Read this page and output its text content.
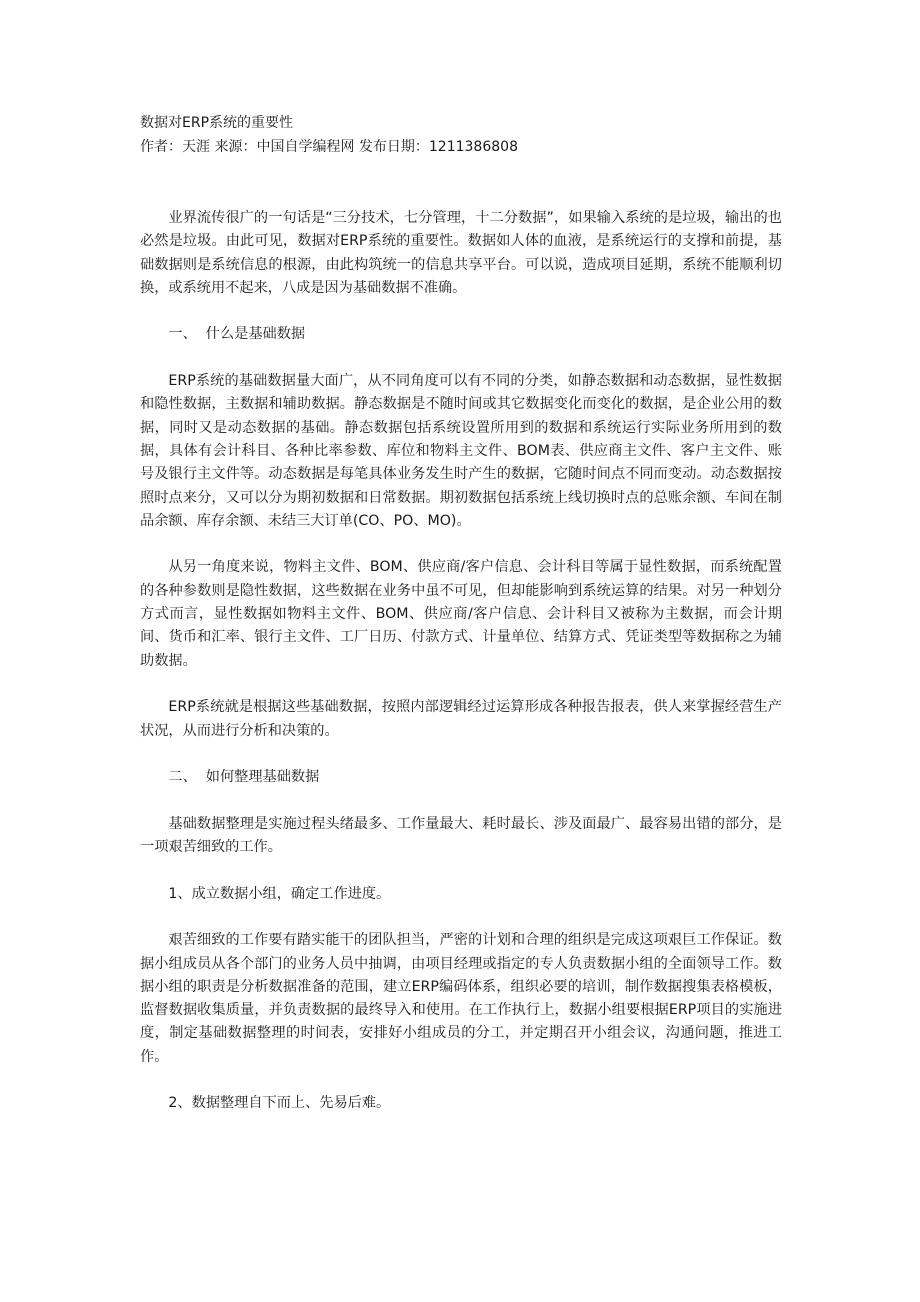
数据对ERP系统的重要性
作者：天涯 来源：中国自学编程网 发布日期：1211386808

业界流传很广的一句话是“三分技术，七分管理，十二分数据”，如果输入系统的是垃圾，输出的也必然是垃圾。由此可见，数据对ERP系统的重要性。数据如人体的血液，是系统运行的支撑和前提，基础数据则是系统信息的根源，由此构筑统一的信息共享平台。可以说，造成项目延期，系统不能顺利切换，或系统用不起来，八成是因为基础数据不准确。

一、  什么是基础数据

ERP系统的基础数据量大面广，从不同角度可以有不同的分类，如静态数据和动态数据，显性数据和隐性数据，主数据和辅助数据。静态数据是不随时间或其它数据变化而变化的数据，是企业公用的数据，同时又是动态数据的基础。静态数据包括系统设置所用到的数据和系统运行实际业务所用到的数据，具体有会计科目、各种比率参数、库位和物料主文件、BOM表、供应商主文件、客户主文件、账号及银行主文件等。动态数据是每笔具体业务发生时产生的数据，它随时间点不同而变动。动态数据按照时点来分，又可以分为期初数据和日常数据。期初数据包括系统上线切换时点的总账余额、车间在制品余额、库存余额、未结三大订单(CO、PO、MO)。

从另一角度来说，物料主文件、BOM、供应商/客户信息、会计科目等属于显性数据，而系统配置的各种参数则是隐性数据，这些数据在业务中虽不可见，但却能影响到系统运算的结果。对另一种划分方式而言，显性数据如物料主文件、BOM、供应商/客户信息、会计科目又被称为主数据，而会计期间、货币和汇率、银行主文件、工厂日历、付款方式、计量单位、结算方式、凭证类型等数据称之为辅助数据。

ERP系统就是根据这些基础数据，按照内部逻辑经过运算形成各种报告报表，供人来掌握经营生产状况，从而进行分析和决策的。

二、  如何整理基础数据

基础数据整理是实施过程头绪最多、工作量最大、耗时最长、涉及面最广、最容易出错的部分，是一项艰苦细致的工作。

1、成立数据小组，确定工作进度。

艰苦细致的工作要有踏实能干的团队担当，严密的计划和合理的组织是完成这项艰巨工作保证。数据小组成员从各个部门的业务人员中抽调，由项目经理或指定的专人负责数据小组的全面领导工作。数据小组的职责是分析数据准备的范围，建立ERP编码体系，组织必要的培训，制作数据搜集表格模板，监督数据收集质量，并负责数据的最终导入和使用。在工作执行上，数据小组要根据ERP项目的实施进度，制定基础数据整理的时间表，安排好小组成员的分工，并定期召开小组会议，沟通问题，推进工作。

2、数据整理自下而上、先易后难。
